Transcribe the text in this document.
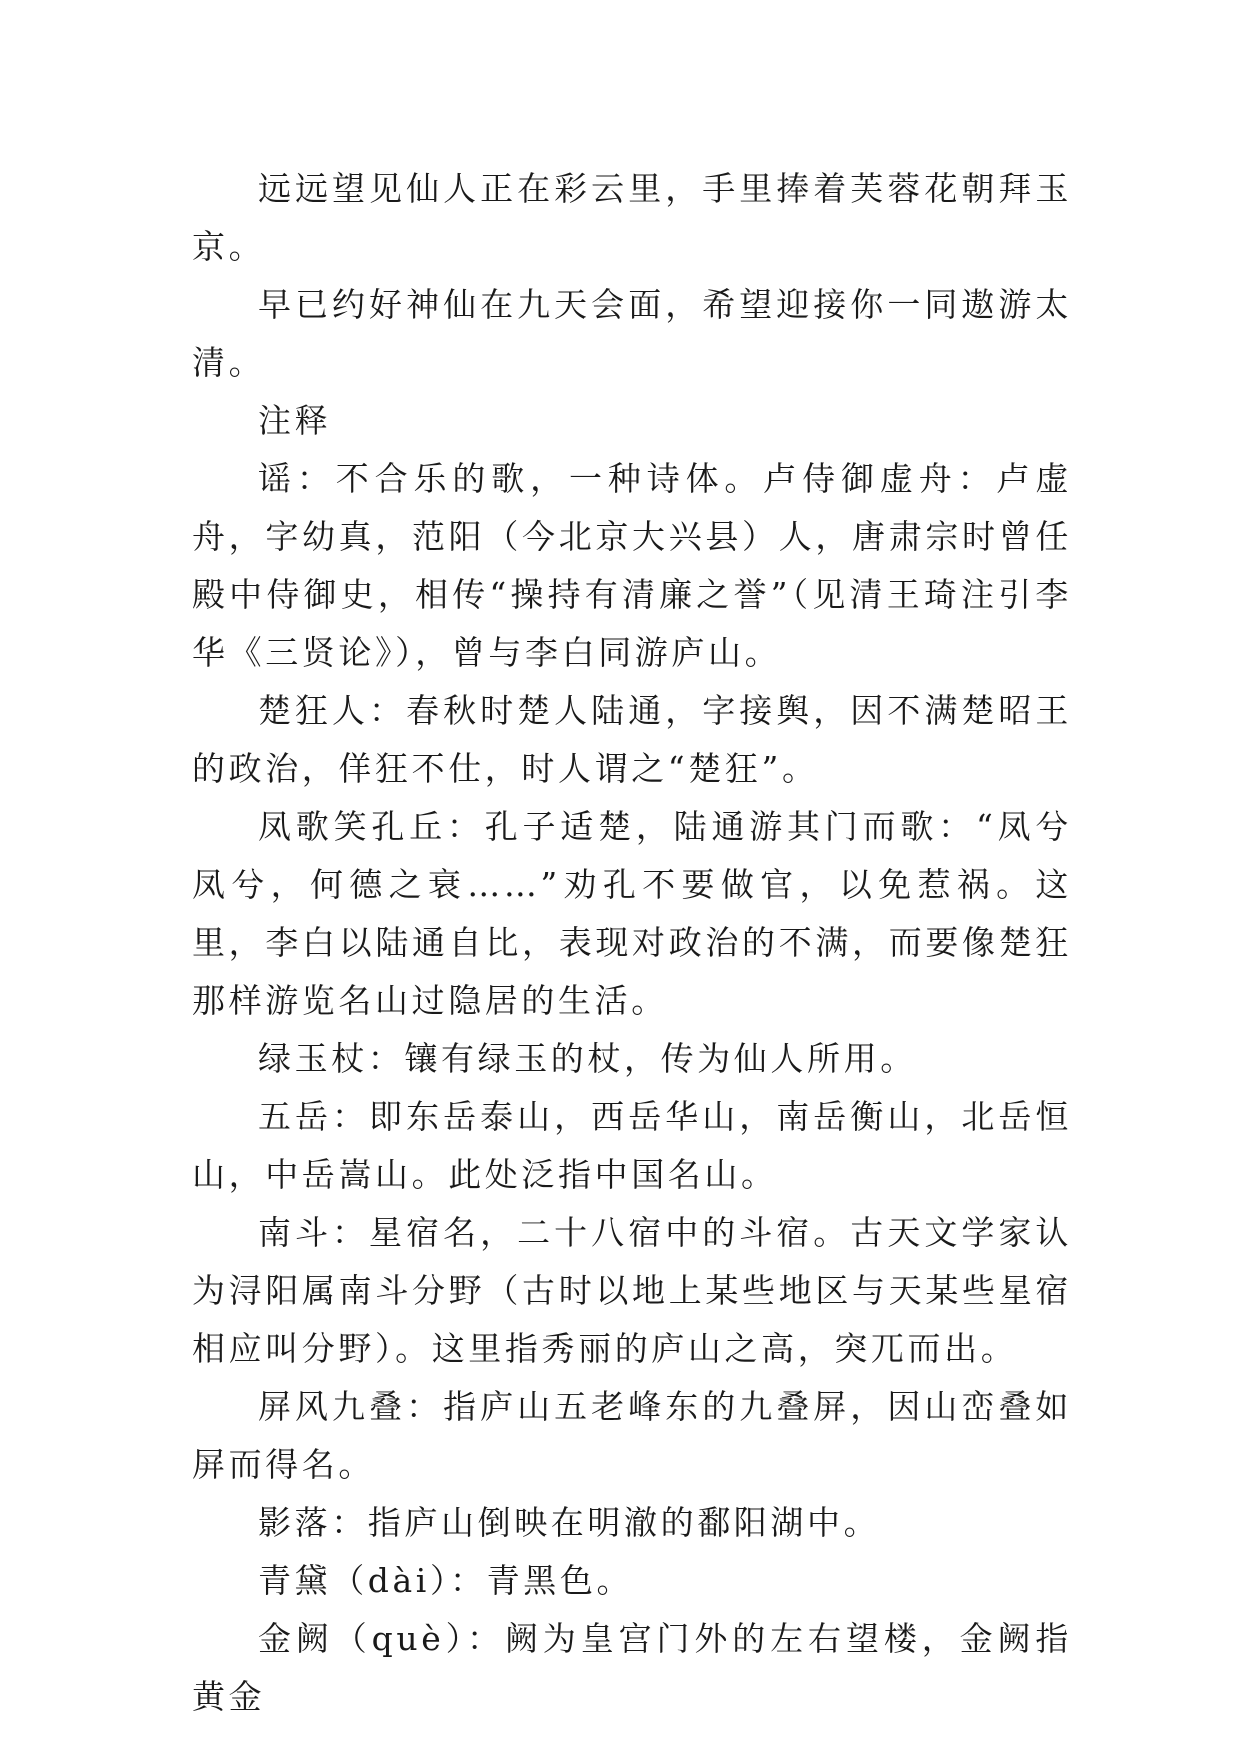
远远望见仙人正在彩云里，手里捧着芙蓉花朝拜玉京。

早已约好神仙在九天会面，希望迎接你一同遨游太清。

注释

谣：不合乐的歌，一种诗体。卢侍御虚舟：卢虚舟，字幼真，范阳（今北京大兴县）人，唐肃宗时曾任殿中侍御史，相传“操持有清廉之誉”（见清王琦注引李华《三贤论》），曾与李白同游庐山。

楚狂人：春秋时楚人陆通，字接舆，因不满楚昭王的政治，佯狂不仕，时人谓之“楚狂”。

凤歌笑孔丘：孔子适楚，陆通游其门而歌：“凤兮凤兮，何德之衰……”劝孔不要做官，以免惹祸。这里，李白以陆通自比，表现对政治的不满，而要像楚狂那样游览名山过隐居的生活。

绿玉杖：镶有绿玉的杖，传为仙人所用。

五岳：即东岳泰山，西岳华山，南岳衡山，北岳恒山，中岳嵩山。此处泛指中国名山。

南斗：星宿名，二十八宿中的斗宿。古天文学家认为浔阳属南斗分野（古时以地上某些地区与天某些星宿相应叫分野）。这里指秀丽的庐山之高，突兀而出。

屏风九叠：指庐山五老峰东的九叠屏，因山峦叠如屏而得名。

影落：指庐山倒映在明澈的鄱阳湖中。

青黛（dài）：青黑色。

金阙（què）：阙为皇宫门外的左右望楼，金阙指黄金
